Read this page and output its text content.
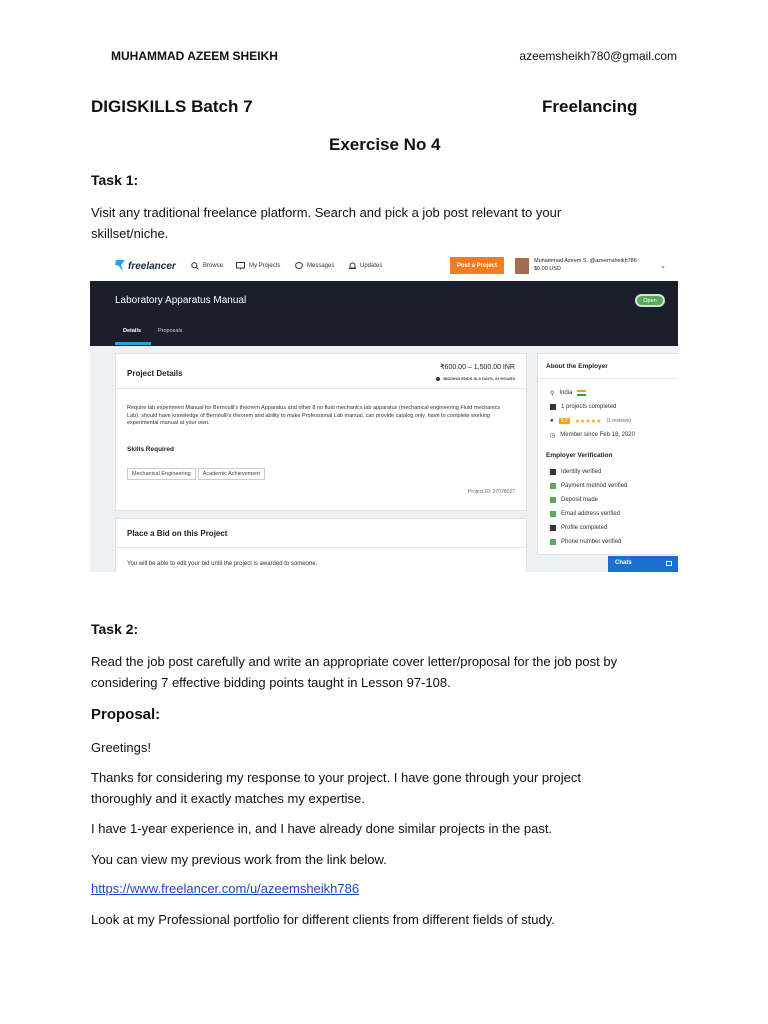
MUHAMMAD AZEEM SHEIKH	azeemsheikh780@gmail.com
DIGISKILLS Batch 7	Freelancing
Exercise No 4
Task 1:
Visit any traditional freelance platform. Search and pick a job post relevant to your
skillset/niche.
freelancer	Browse	My Projects	Messages	Updates	Post a Project
Muhammad Azeem S. @azeemsheikh786
$0.00 USD	⌄
Laboratory Apparatus Manual	Open
Details	Proposals
Project Details
₹600.00 – 1,500.00 INR
BIDDING ENDS IN 6 DAYS, 23 HOURS
Require lab experiment Manual for Bernoulli's theorem Apparatus and other 8 no fluid mechanics lab apparatus (mechanical engineering Fluid mechanics Lab). should have knowledge of Bernoulli's theorem and ability to make Professional Lab manual. can provide catalog only. have to complete working experimental manual at your own.
Skills Required
Mechanical Engineering Academic Achievement
Project ID: 27078027
Place a Bid on this Project
You will be able to edit your bid until the project is awarded to someone.
About the Employer
⚲ India
1 projects completed
●	5.0	★★★★★ (1 reviews)
◷ Member since Feb 18, 2020
Employer Verification
Identity verified
Payment method verified
Deposit made
Email address verified
Profile completed
Phone number verified
Chats
Task 2:
Read the job post carefully and write an appropriate cover letter/proposal for the job post by
considering 7 effective bidding points taught in Lesson 97-108.
Proposal:
Greetings!
Thanks for considering my response to your project. I have gone through your project
thoroughly and it exactly matches my expertise.
I have 1-year experience in, and I have already done similar projects in the past.
You can view my previous work from the link below.
https://www.freelancer.com/u/azeemsheikh786
Look at my Professional portfolio for different clients from different fields of study.
